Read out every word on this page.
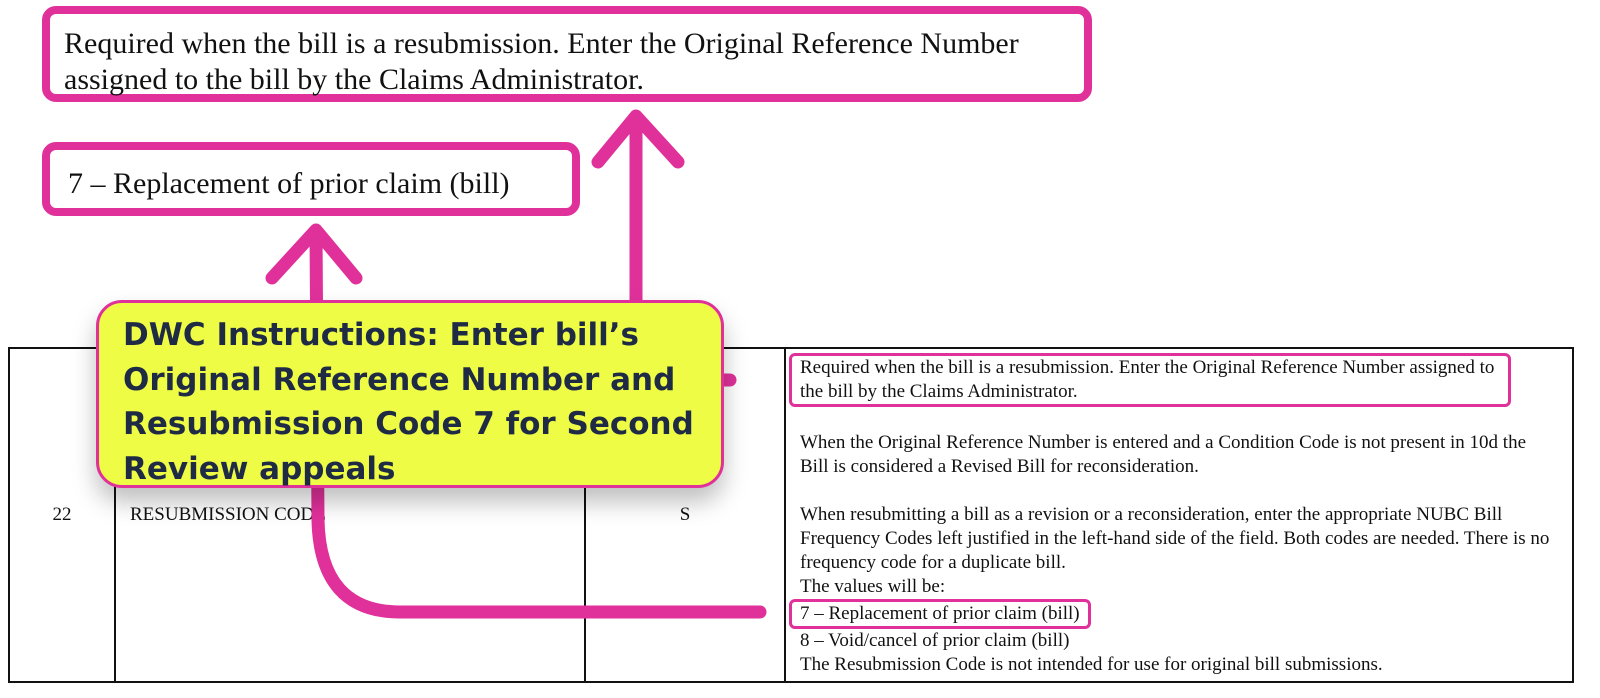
22	RESUBMISSION CODE	S	

Required when the bill is a resubmission. Enter the Original Reference Number assigned to the bill by the Claims Administrator.

When the Original Reference Number is entered and a Condition Code is not present in 10d the Bill is considered a Revised Bill for reconsideration.

When resubmitting a bill as a revision or a reconsideration, enter the appropriate NUBC Bill Frequency Codes left justified in the left-hand side of the field. Both codes are needed. There is no frequency code for a duplicate bill.

The values will be:
7 – Replacement of prior claim (bill)
8 – Void/cancel of prior claim (bill)
The Resubmission Code is not intended for use for original bill submissions.
Required when the bill is a resubmission. Enter the Original Reference Number assigned to the bill by the Claims Administrator.
7 – Replacement of prior claim (bill)
DWC Instructions: Enter bill’s Original Reference Number and Resubmission Code 7 for Second Review appeals
